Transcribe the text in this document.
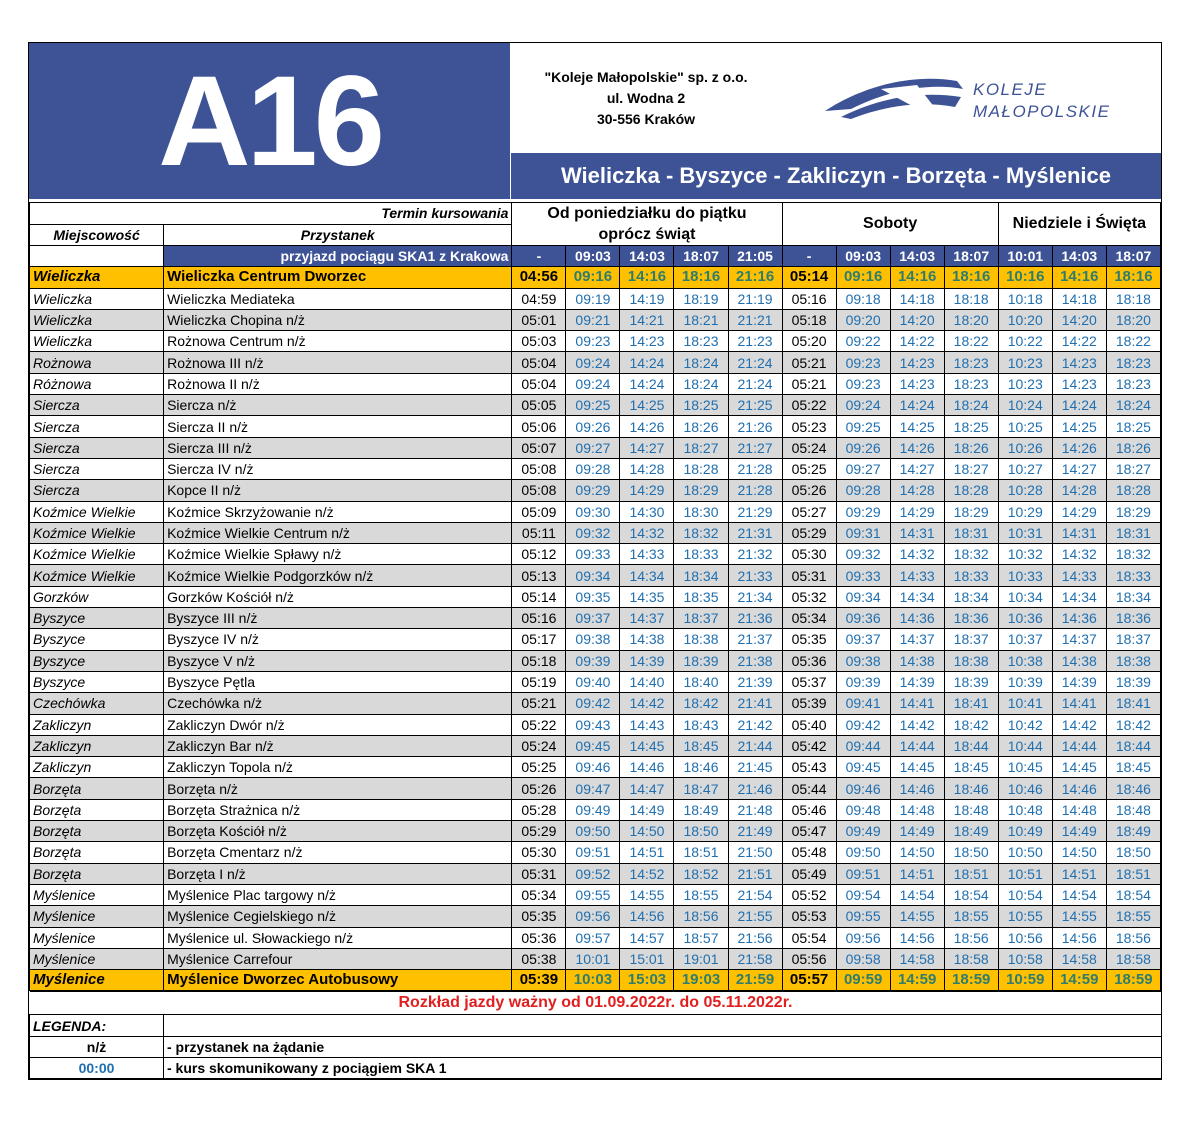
A16	"Koleje Małopolskie" sp. z o.o.
ul. Wodna 2
30-556 Kraków
KOLEJE
MAŁOPOLSKIE
Wieliczka - Byszyce - Zakliczyn - Borzęta - Myślenice
Termin kursowania		Od poniedziałku do piątku
oprócz świąt					Soboty				Niedziele i Święta		
Miejscowość	Przystanek												
	przyjazd pociągu SKA1 z Krakowa	-	09:03	14:03	18:07	21:05	-	09:03	14:03	18:07	10:01	14:03	18:07
Wieliczka	Wieliczka Centrum Dworzec	04:56	09:16	14:16	18:16	21:16	05:14	09:16	14:16	18:16	10:16	14:16	18:16
Wieliczka	Wieliczka Mediateka	04:59	09:19	14:19	18:19	21:19	05:16	09:18	14:18	18:18	10:18	14:18	18:18
Wieliczka	Wieliczka Chopina n/ż	05:01	09:21	14:21	18:21	21:21	05:18	09:20	14:20	18:20	10:20	14:20	18:20
Wieliczka	Rożnowa Centrum n/ż	05:03	09:23	14:23	18:23	21:23	05:20	09:22	14:22	18:22	10:22	14:22	18:22
Rożnowa	Rożnowa III n/ż	05:04	09:24	14:24	18:24	21:24	05:21	09:23	14:23	18:23	10:23	14:23	18:23
Różnowa	Rożnowa II n/ż	05:04	09:24	14:24	18:24	21:24	05:21	09:23	14:23	18:23	10:23	14:23	18:23
Siercza	Siercza n/ż	05:05	09:25	14:25	18:25	21:25	05:22	09:24	14:24	18:24	10:24	14:24	18:24
Siercza	Siercza II n/ż	05:06	09:26	14:26	18:26	21:26	05:23	09:25	14:25	18:25	10:25	14:25	18:25
Siercza	Siercza III n/ż	05:07	09:27	14:27	18:27	21:27	05:24	09:26	14:26	18:26	10:26	14:26	18:26
Siercza	Siercza IV n/ż	05:08	09:28	14:28	18:28	21:28	05:25	09:27	14:27	18:27	10:27	14:27	18:27
Siercza	Kopce II n/ż	05:08	09:29	14:29	18:29	21:28	05:26	09:28	14:28	18:28	10:28	14:28	18:28
Koźmice Wielkie	Koźmice Skrzyżowanie n/ż	05:09	09:30	14:30	18:30	21:29	05:27	09:29	14:29	18:29	10:29	14:29	18:29
Koźmice Wielkie	Koźmice Wielkie Centrum n/ż	05:11	09:32	14:32	18:32	21:31	05:29	09:31	14:31	18:31	10:31	14:31	18:31
Koźmice Wielkie	Koźmice Wielkie Spławy n/ż	05:12	09:33	14:33	18:33	21:32	05:30	09:32	14:32	18:32	10:32	14:32	18:32
Koźmice Wielkie	Koźmice Wielkie Podgorzków n/ż	05:13	09:34	14:34	18:34	21:33	05:31	09:33	14:33	18:33	10:33	14:33	18:33
Gorzków	Gorzków Kościół n/ż	05:14	09:35	14:35	18:35	21:34	05:32	09:34	14:34	18:34	10:34	14:34	18:34
Byszyce	Byszyce III n/ż	05:16	09:37	14:37	18:37	21:36	05:34	09:36	14:36	18:36	10:36	14:36	18:36
Byszyce	Byszyce IV n/ż	05:17	09:38	14:38	18:38	21:37	05:35	09:37	14:37	18:37	10:37	14:37	18:37
Byszyce	Byszyce V n/ż	05:18	09:39	14:39	18:39	21:38	05:36	09:38	14:38	18:38	10:38	14:38	18:38
Byszyce	Byszyce Pętla	05:19	09:40	14:40	18:40	21:39	05:37	09:39	14:39	18:39	10:39	14:39	18:39
Czechówka	Czechówka n/ż	05:21	09:42	14:42	18:42	21:41	05:39	09:41	14:41	18:41	10:41	14:41	18:41
Zakliczyn	Zakliczyn Dwór n/ż	05:22	09:43	14:43	18:43	21:42	05:40	09:42	14:42	18:42	10:42	14:42	18:42
Zakliczyn	Zakliczyn Bar n/ż	05:24	09:45	14:45	18:45	21:44	05:42	09:44	14:44	18:44	10:44	14:44	18:44
Zakliczyn	Zakliczyn Topola n/ż	05:25	09:46	14:46	18:46	21:45	05:43	09:45	14:45	18:45	10:45	14:45	18:45
Borzęta	Borzęta n/ż	05:26	09:47	14:47	18:47	21:46	05:44	09:46	14:46	18:46	10:46	14:46	18:46
Borzęta	Borzęta Strażnica n/ż	05:28	09:49	14:49	18:49	21:48	05:46	09:48	14:48	18:48	10:48	14:48	18:48
Borzęta	Borzęta Kościół n/ż	05:29	09:50	14:50	18:50	21:49	05:47	09:49	14:49	18:49	10:49	14:49	18:49
Borzęta	Borzęta Cmentarz n/ż	05:30	09:51	14:51	18:51	21:50	05:48	09:50	14:50	18:50	10:50	14:50	18:50
Borzęta	Borzęta I n/ż	05:31	09:52	14:52	18:52	21:51	05:49	09:51	14:51	18:51	10:51	14:51	18:51
Myślenice	Myślenice Plac targowy n/ż	05:34	09:55	14:55	18:55	21:54	05:52	09:54	14:54	18:54	10:54	14:54	18:54
Myślenice	Myślenice Cegielskiego n/ż	05:35	09:56	14:56	18:56	21:55	05:53	09:55	14:55	18:55	10:55	14:55	18:55
Myślenice	Myślenice ul. Słowackiego n/ż	05:36	09:57	14:57	18:57	21:56	05:54	09:56	14:56	18:56	10:56	14:56	18:56
Myślenice	Myślenice Carrefour	05:38	10:01	15:01	19:01	21:58	05:56	09:58	14:58	18:58	10:58	14:58	18:58
Myślenice	Myślenice Dworzec Autobusowy	05:39	10:03	15:03	19:03	21:59	05:57	09:59	14:59	18:59	10:59	14:59	18:59
Rozkład jazdy ważny od 01.09.2022r. do 05.11.2022r.	
LEGENDA:	
n/ż	- przystanek na żądanie
00:00	- kurs skomunikowany z pociągiem SKA 1
